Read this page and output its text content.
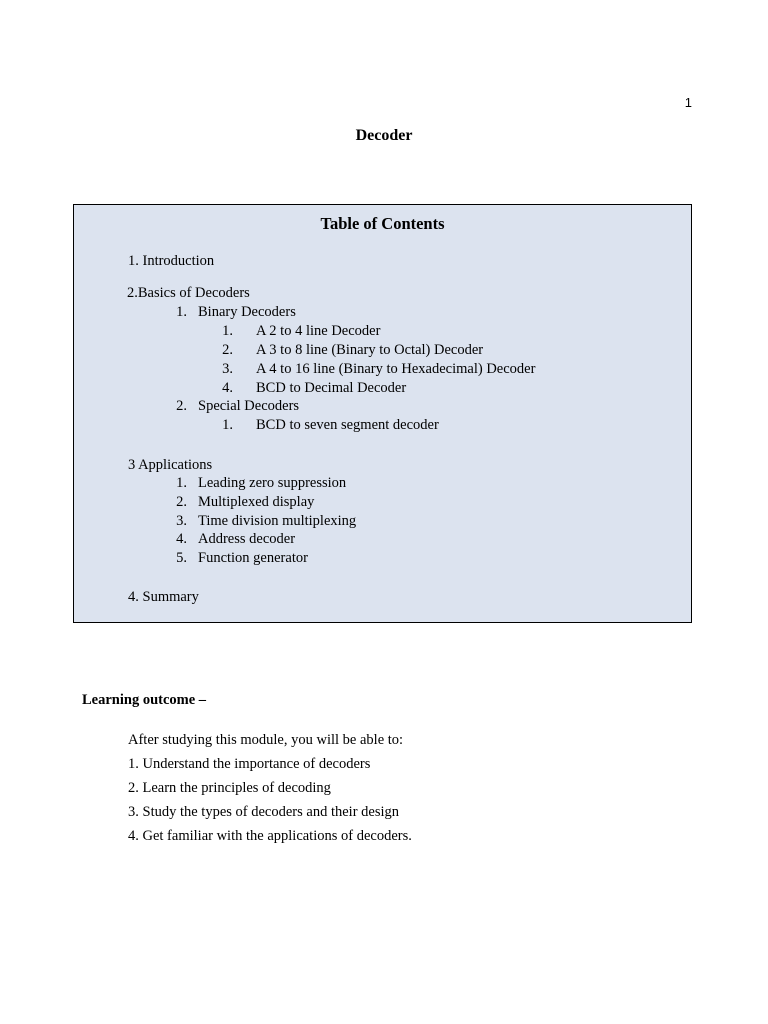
1
Decoder
Table of Contents
1. Introduction
2.Basics of Decoders
1. Binary Decoders
1. A 2 to 4 line Decoder
2. A 3 to 8 line (Binary to Octal) Decoder
3. A 4 to 16 line (Binary to Hexadecimal) Decoder
4. BCD to Decimal Decoder
2. Special Decoders
1. BCD to seven segment decoder
3 Applications
1. Leading zero suppression
2. Multiplexed display
3. Time division multiplexing
4. Address decoder
5. Function generator
4. Summary
Learning outcome –
After studying this module, you will be able to:
1. Understand the importance of decoders
2. Learn the principles of decoding
3. Study the types of decoders and their design
4. Get familiar with the applications of decoders.
